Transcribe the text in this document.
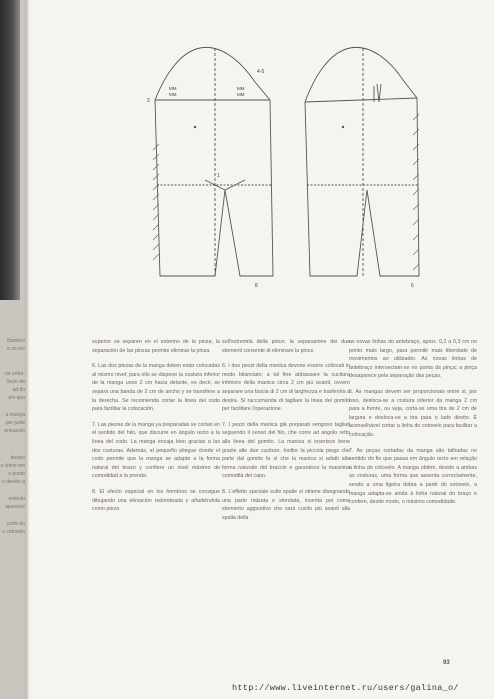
diantero
a no ser
na entro-
fecto de
ad do
em quo
a manga
per juste
entuação
desvio
o chine em
o ponto
o devido a
umento
aparecer
corte do
o cotovelo
4-5
MM
MM
MM
MM
2
1
8	6

superior se separen en el extremo de la pinza; la separación de las pinzas permite eliminar la pinza.

6. Las dos piezas de la manga deben estar colocadas al mismo nivel; para ello se dispone la costura inferior de la manga unos 2 cm hacia delante, es decir, se separa una banda de 2 cm de ancho y se transfiere a la derecha. Se recomienda cortar la línea del codo para facilitar la colocación.

7. Las piezas de la manga ya preparadas se cortan en el sentido del hilo, que discurre en ángulo recto a la línea del codo. La manga encaja bien gracias a las dos costuras. Además, el pequeño pliegue donde el codo permite que la manga se adapte a la forma natural del brazo y confiere un nivel máximo de comodidad a la prenda.

8. El efecto especial en los hombros se consigue dibujando una elevación redondeada y añadiéndola como pieza

sull'estremità della pince; la separazione dei due elementi consente di eliminare la pince.

6. I due pezzi della manica devono essere collocati in modo bilanciato; a tal fine abbassare la cucitura inferiore della manica circa 2 cm più avanti, ovvero separare una fascia di 2 cm di larghezza e trasferirla a destra. Si raccomanda di tagliare la linea del gomito per facilitare l'operazione.

7. I pezzi della manica già preparati vengono tagliati seguendo il senso del filo, che corre ad angolo retto alla linea del gomito. La manica si inserisce bene grazie alle due cuciture. Inoltre la piccola piega che parte dal gomito fa sì che la manica si adatti alla forma naturale del braccio e garantisce la massima comodità del capo.

8. L'effetto speciale sulle spalle si ottiene disegnando una parte rialzata e stondata, inserita poi come elemento aggiuntivo che sarà cucito più avanti alla spalla della

as novas linhas do antebraço, aprox. 0,2 a 0,3 cm no ponto mais largo, para permitir mais liberdade de movimentos ao utilizador. As novas linhas de antebraço intersectam-se no ponta da pinça; a pinça desaparece pela separação das peças.

6. As mangas devem ser proporcionais entre si, por isso, desloca-se a costura inferior da manga 2 cm para a frente, ou seja, corta-se uma tira de 2 cm de largura e desloca-se a tira para o lado direito. É aconselhável cortar a linha do cotovelo para facilitar a colocação.

7. As peças cortadas da manga são talhadas no sentido do fio que passa em ângulo recto em relação à linha do cotovelo. A manga obtém, devido a ambas as costuras, uma forma que assenta correctamente, sendo a uma ligeira dobra a partir do cotovelo, a manga adapta-se ainda à linha natural do braço e confere, desde modo, o máximo comodidade.

93
http://www.liveinternet.ru/users/galina_o/
